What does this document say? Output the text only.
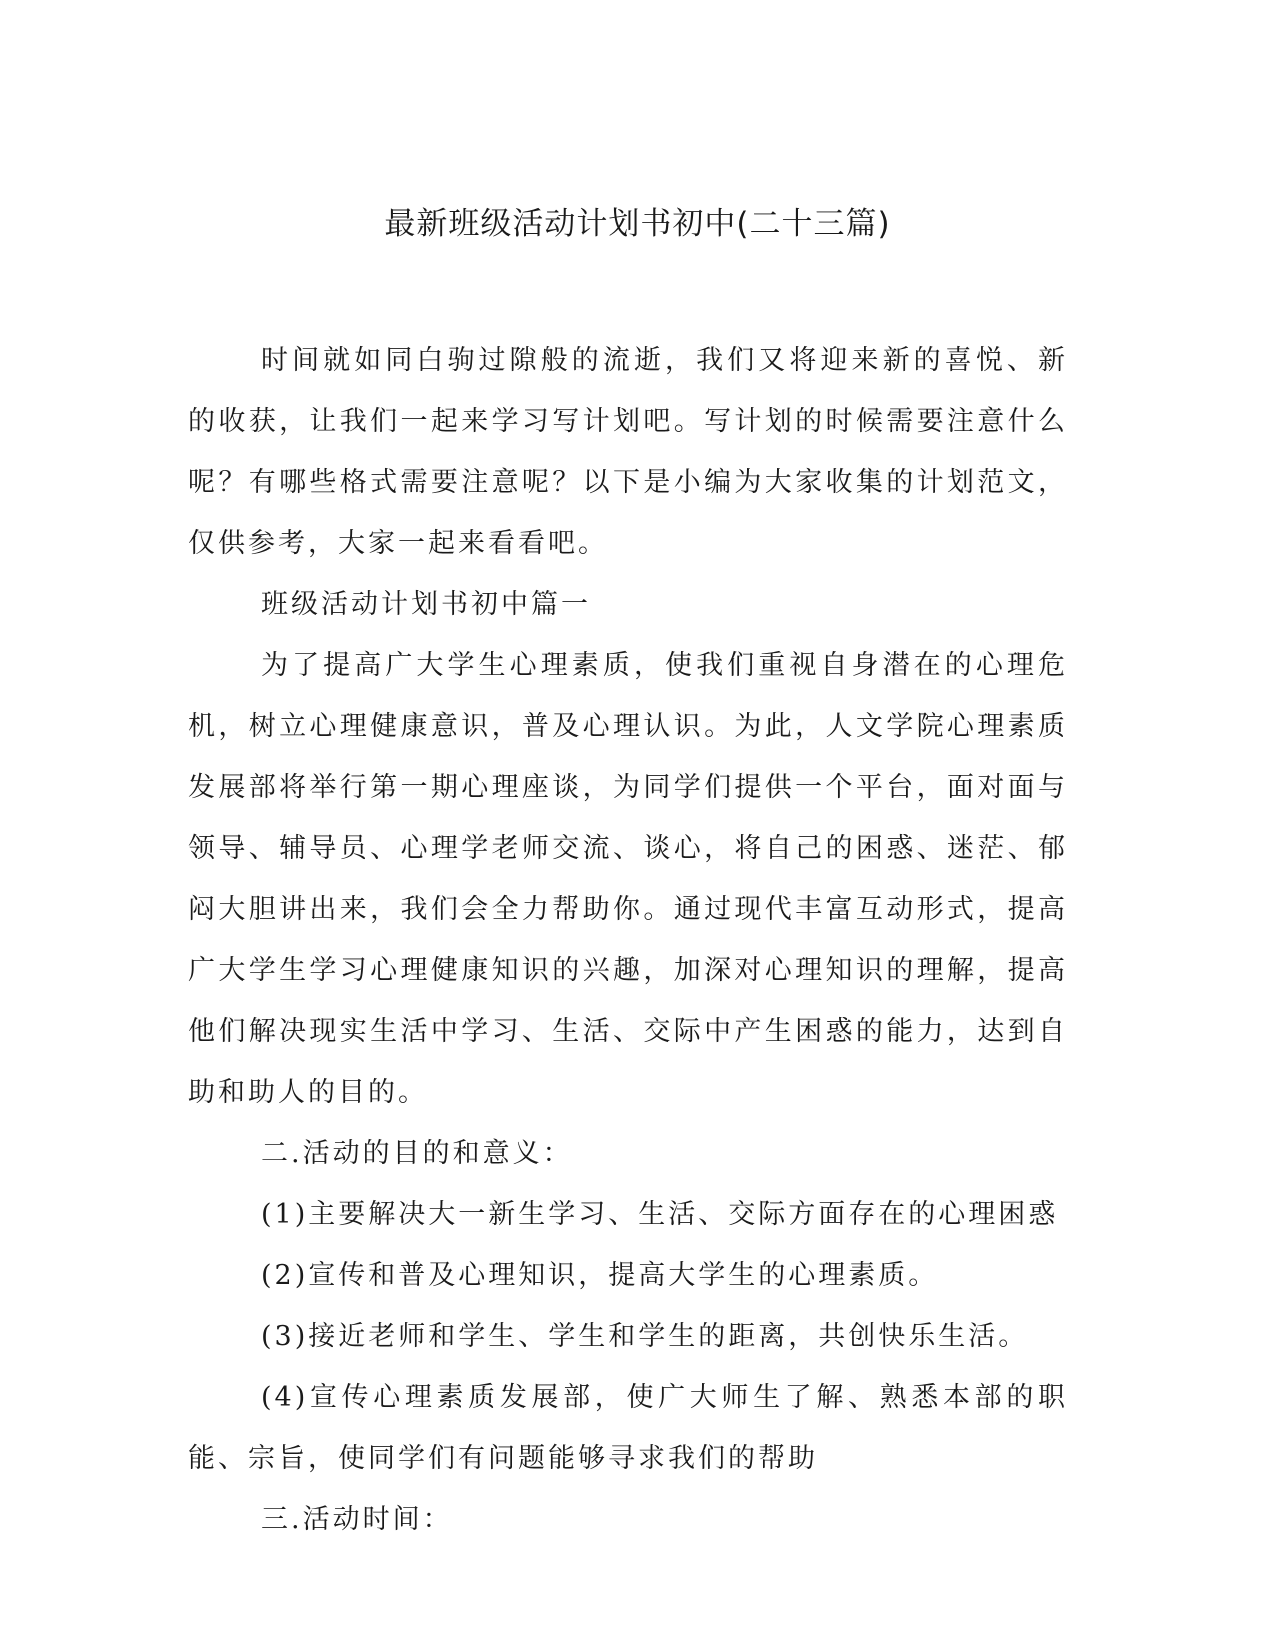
最新班级活动计划书初中(二十三篇)

时间就如同白驹过隙般的流逝，我们又将迎来新的喜悦、新的收获，让我们一起来学习写计划吧。写计划的时候需要注意什么呢？有哪些格式需要注意呢？以下是小编为大家收集的计划范文，仅供参考，大家一起来看看吧。

班级活动计划书初中篇一

为了提高广大学生心理素质，使我们重视自身潜在的心理危机，树立心理健康意识，普及心理认识。为此，人文学院心理素质发展部将举行第一期心理座谈，为同学们提供一个平台，面对面与领导、辅导员、心理学老师交流、谈心，将自己的困惑、迷茫、郁闷大胆讲出来，我们会全力帮助你。通过现代丰富互动形式，提高广大学生学习心理健康知识的兴趣，加深对心理知识的理解，提高他们解决现实生活中学习、生活、交际中产生困惑的能力，达到自助和助人的目的。

二.活动的目的和意义：

(1)主要解决大一新生学习、生活、交际方面存在的心理困惑

(2)宣传和普及心理知识，提高大学生的心理素质。

(3)接近老师和学生、学生和学生的距离，共创快乐生活。

(4)宣传心理素质发展部，使广大师生了解、熟悉本部的职能、宗旨，使同学们有问题能够寻求我们的帮助

三.活动时间：
